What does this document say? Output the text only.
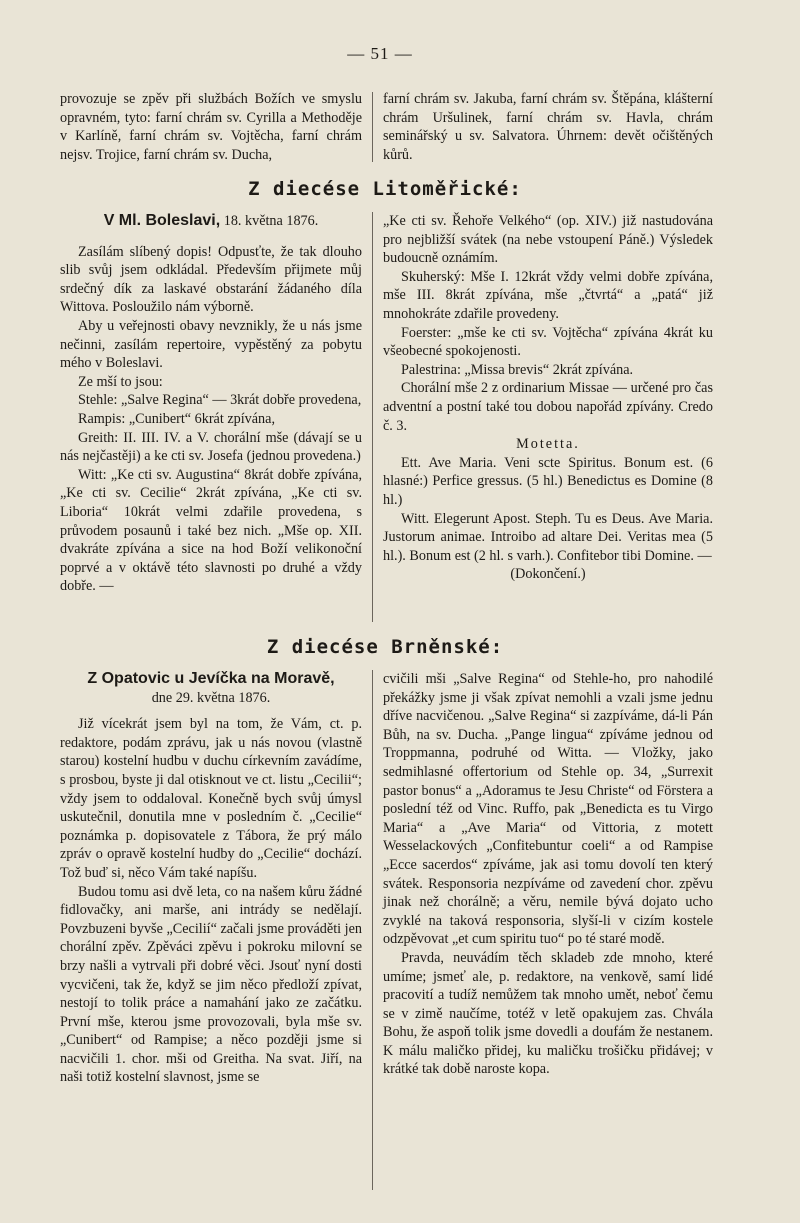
— 51 —

provozuje se zpěv při službách Božích ve smyslu opravném, tyto: farní chrám sv. Cyrilla a Methoděje v Karlíně, farní chrám sv. Vojtěcha, farní chrám nejsv. Trojice, farní chrám sv. Ducha,

farní chrám sv. Jakuba, farní chrám sv. Štěpána, klášterní chrám Uršulinek, farní chrám sv. Havla, chrám seminářský u sv. Salvatora. Úhrnem: devět očištěných kůrů.

Z diecése Litoměřické:

V Ml. Boleslavi, 18. května 1876.

Zasílám slíbený dopis! Odpusťte, že tak dlouho slib svůj jsem odkládal. Především přijmete můj srdečný dík za laskavé obstarání žádaného díla Wittova. Posloužilo nám výborně.

Aby u veřejnosti obavy nevznikly, že u nás jsme nečinni, zasílám repertoire, vypěstěný za pobytu mého v Boleslavi.

Ze mší to jsou:

Stehle: „Salve Regina“ — 3krát dobře provedena,

Rampis: „Cunibert“ 6krát zpívána,

Greith: II. III. IV. a V. chorální mše (dávají se u nás nejčastěji) a ke cti sv. Josefa (jednou provedena.)

Witt: „Ke cti sv. Augustina“ 8krát dobře zpívána, „Ke cti sv. Cecilie“ 2krát zpívána, „Ke cti sv. Liboria“ 10krát velmi zdařile provedena, s průvodem posaunů i také bez nich. „Mše op. XII. dvakráte zpívána a sice na hod Boží velikonoční poprvé a v oktávě této slavnosti po druhé a vždy dobře. —

„Ke cti sv. Řehoře Velkého“ (op. XIV.) již nastudována pro nejbližší svátek (na nebe vstoupení Páně.) Výsledek budoucně oznámím.

Skuherský: Mše I. 12krát vždy velmi dobře zpívána, mše III. 8krát zpívána, mše „čtvrtá“ a „patá“ již mnohokráte zdařile provedeny.

Foerster: „mše ke cti sv. Vojtěcha“ zpívána 4krát ku všeobecné spokojenosti.

Palestrina: „Missa brevis“ 2krát zpívána.

Chorální mše 2 z ordinarium Missae — určené pro čas adventní a postní také tou dobou napořád zpívány. Credo č. 3.

Motetta.

Ett. Ave Maria. Veni scte Spiritus. Bonum est. (6 hlasné:) Perfice gressus. (5 hl.) Benedictus es Domine (8 hl.)

Witt. Elegerunt Apost. Steph. Tu es Deus. Ave Maria. Justorum animae. Introibo ad altare Dei. Veritas mea (5 hl.). Bonum est (2 hl. s varh.). Confitebor tibi Domine. —

(Dokončení.)

Z diecése Brněnské:

Z Opatovic u Jevíčka na Moravě,

dne 29. května 1876.

Již vícekrát jsem byl na tom, že Vám, ct. p. redaktore, podám zprávu, jak u nás novou (vlastně starou) kostelní hudbu v duchu církevním zavádíme, s prosbou, byste ji dal otisknout ve ct. listu „Cecilii“; vždy jsem to oddaloval. Konečně bych svůj úmysl uskutečnil, donutila mne v posledním č. „Cecilie“ poznámka p. dopisovatele z Tábora, že prý málo zpráv o opravě kostelní hudby do „Cecilie“ dochází. Tož buď si, něco Vám také napíšu.

Budou tomu asi dvě leta, co na našem kůru žádné fidlovačky, ani marše, ani intrády se nedělají. Povzbuzeni byvše „Cecilií“ začali jsme prováděti jen chorální zpěv. Zpěváci zpěvu i pokroku milovní se brzy našli a vytrvali při dobré věci. Jsouť nyní dosti vycvičeni, tak že, když se jim něco předloží zpívat, nestojí to tolik práce a namahání jako ze začátku. První mše, kterou jsme provozovali, byla mše sv. „Cunibert“ od Rampise; a něco později jsme si nacvičili 1. chor. mši od Greitha. Na svat. Jiří, na naši totiž kostelní slavnost, jsme se

cvičili mši „Salve Regina“ od Stehle-ho, pro nahodilé překážky jsme ji však zpívat nemohli a vzali jsme jednu dříve nacvičenou. „Salve Regina“ si zazpíváme, dá-li Pán Bůh, na sv. Ducha. „Pange lingua“ zpíváme jednou od Troppmanna, podruhé od Witta. — Vložky, jako sedmihlasné offertorium od Stehle op. 34, „Surrexit pastor bonus“ a „Adoramus te Jesu Christe“ od Förstera a poslední též od Vinc. Ruffo, pak „Benedicta es tu Virgo Maria“ a „Ave Maria“ od Vittoria, z motett Wesselackových „Confitebuntur coeli“ a od Rampise „Ecce sacerdos“ zpíváme, jak asi tomu dovolí ten který svátek. Responsoria nezpíváme od zavedení chor. zpěvu jinak než chorálně; a věru, nemile bývá dojato ucho zvyklé na taková responsoria, slyší-li v cizím kostele odzpěvovat „et cum spiritu tuo“ po té staré modě.

Pravda, neuvádím těch skladeb zde mnoho, které umíme; jsmeť ale, p. redaktore, na venkově, samí lidé pracovití a tudíž nemůžem tak mnoho umět, neboť čemu se v zimě naučíme, totéž v letě opakujem zas. Chvála Bohu, že aspoň tolik jsme dovedli a doufám že nestanem. K málu maličko přidej, ku maličku trošičku přidávej; v krátké tak době naroste kopa.
